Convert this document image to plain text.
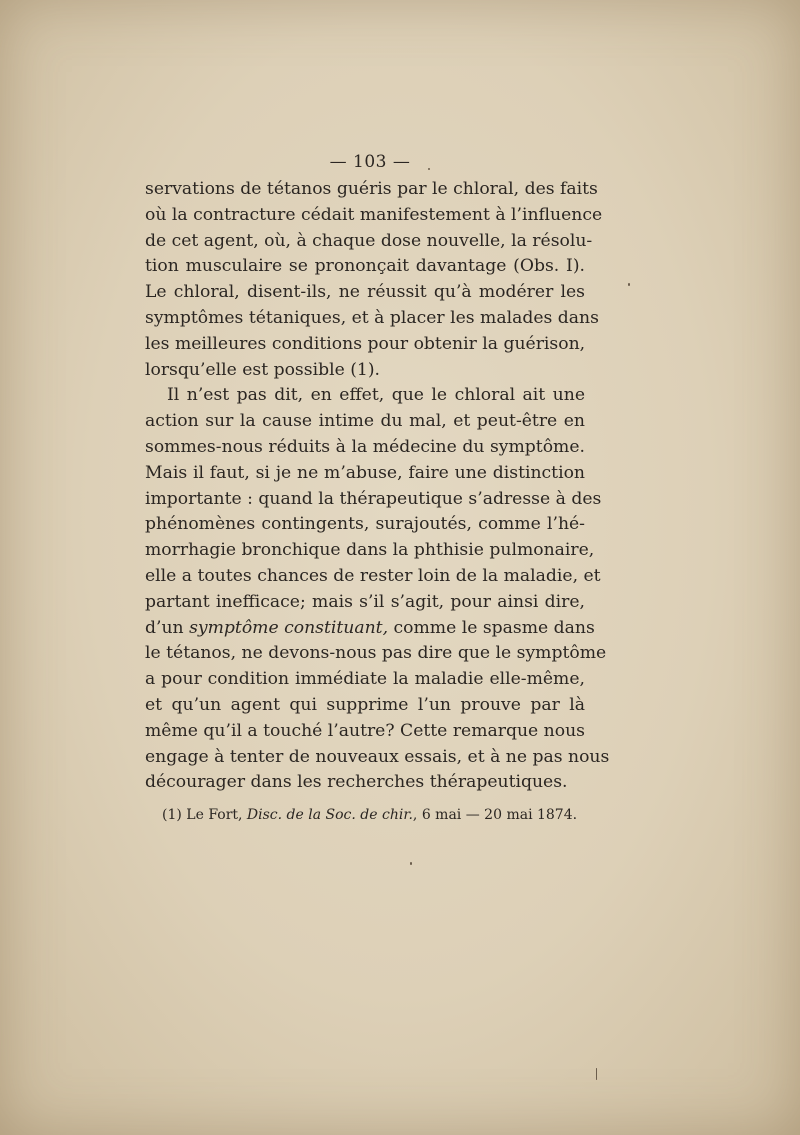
— 103 —
servations de tétanos guéris par le chloral, des faits
où la contracture cédait manifestement à l’influence
de cet agent, où, à chaque dose nouvelle, la résolu-
tion musculaire se prononçait davantage (Obs. I).
Le chloral, disent-ils, ne réussit qu’à modérer les
symptômes tétaniques, et à placer les malades dans
les meilleures conditions pour obtenir la guérison,
lorsqu’elle est possible (1).
Il n’est pas dit, en effet, que le chloral ait une
action sur la cause intime du mal, et peut-être en
sommes-nous réduits à la médecine du symptôme.
Mais il faut, si je ne m’abuse, faire une distinction
importante : quand la thérapeutique s’adresse à des
phénomènes contingents, surajoutés, comme l’hé-
morrhagie bronchique dans la phthisie pulmonaire,
elle a toutes chances de rester loin de la maladie, et
partant inefficace; mais s’il s’agit, pour ainsi dire,
d’un symptôme constituant, comme le spasme dans
le tétanos, ne devons-nous pas dire que le symptôme
a pour condition immédiate la maladie elle-même,
et qu’un agent qui supprime l’un prouve par là
même qu’il a touché l’autre? Cette remarque nous
engage à tenter de nouveaux essais, et à ne pas nous
décourager dans les recherches thérapeutiques.
(1) Le Fort, Disc. de la Soc. de chir., 6 mai — 20 mai 1874.
